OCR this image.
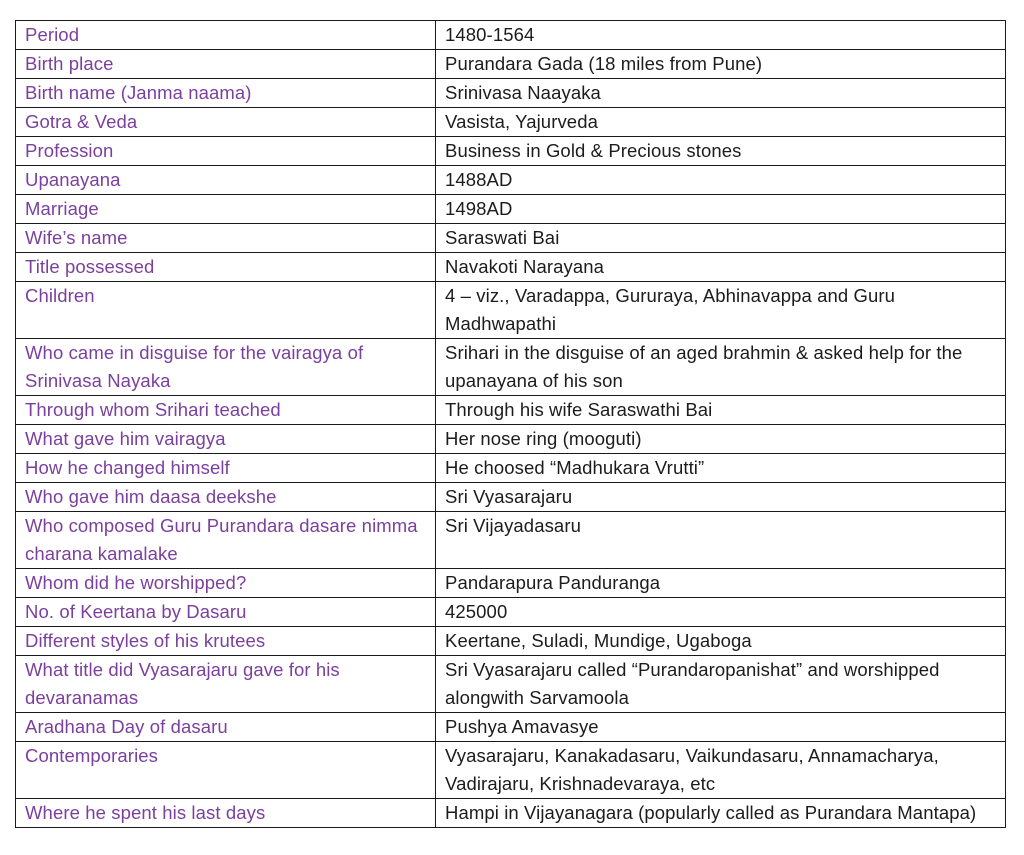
Period	1480-1564
Birth place	Purandara Gada (18 miles from Pune)
Birth name (Janma naama)	Srinivasa Naayaka
Gotra & Veda	Vasista, Yajurveda
Profession	Business in Gold & Precious stones
Upanayana	1488AD
Marriage	1498AD
Wife’s name	Saraswati Bai
Title possessed	Navakoti Narayana
Children	4 – viz., Varadappa, Gururaya, Abhinavappa and Guru Madhwapathi
Who came in disguise for the vairagya of Srinivasa Nayaka	Srihari in the disguise of an aged brahmin & asked help for the upanayana of his son
Through whom Srihari teached	Through his wife Saraswathi Bai
What gave him vairagya	Her nose ring (mooguti)
How he changed himself	He choosed “Madhukara Vrutti”
Who gave him daasa deekshe	Sri Vyasarajaru
Who composed Guru Purandara dasare nimma charana kamalake	Sri Vijayadasaru
Whom did he worshipped?	Pandarapura Panduranga
No. of Keertana by Dasaru	425000
Different styles of his krutees	Keertane, Suladi, Mundige, Ugaboga
What title did Vyasarajaru gave for his devaranamas	Sri Vyasarajaru called “Purandaropanishat” and worshipped alongwith Sarvamoola
Aradhana Day of dasaru	Pushya Amavasye
Contemporaries	Vyasarajaru, Kanakadasaru, Vaikundasaru, Annamacharya, Vadirajaru, Krishnadevaraya, etc
Where he spent his last days	Hampi in Vijayanagara (popularly called as Purandara Mantapa)
